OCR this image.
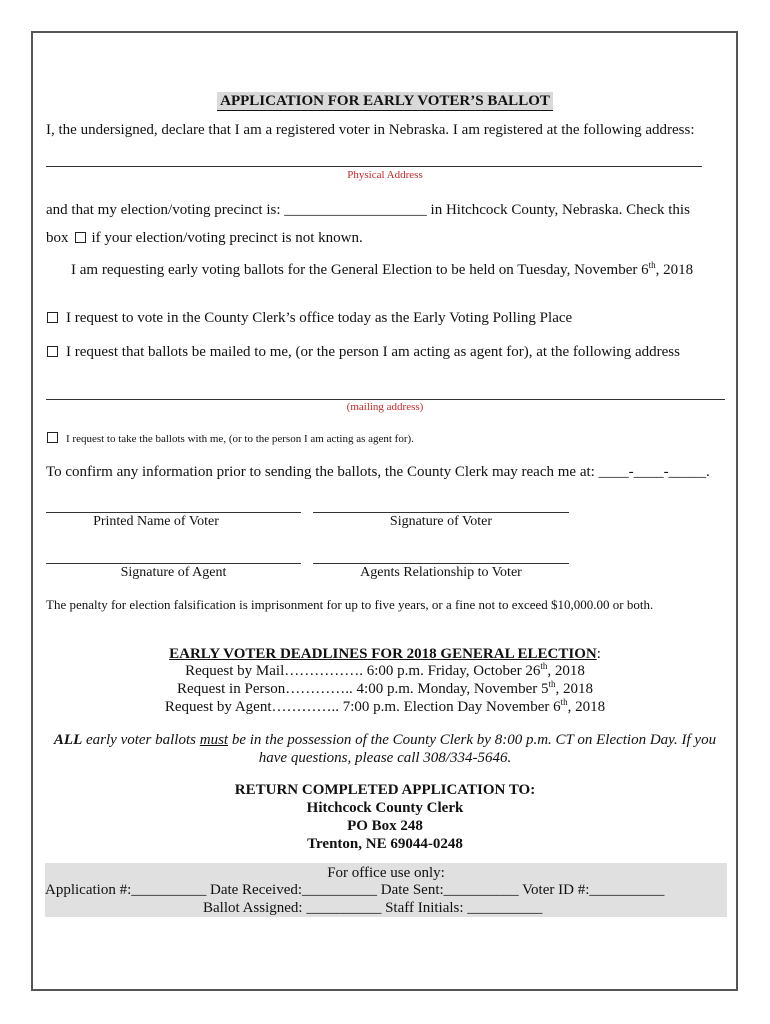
APPLICATION FOR EARLY VOTER’S BALLOT
I, the undersigned, declare that I am a registered voter in Nebraska. I am registered at the following address:
Physical Address
and that my election/voting precinct is: ___________________ in Hitchcock County, Nebraska. Check this
box if your election/voting precinct is not known.
I am requesting early voting ballots for the General Election to be held on Tuesday, November 6th, 2018
I request to vote in the County Clerk’s office today as the Early Voting Polling Place
I request that ballots be mailed to me, (or the person I am acting as agent for), at the following address
(mailing address)
I request to take the ballots with me, (or to the person I am acting as agent for).
To confirm any information prior to sending the ballots, the County Clerk may reach me at: ____-____-_____.
Printed Name of Voter	Signature of Voter
Signature of Agent	Agents Relationship to Voter
The penalty for election falsification is imprisonment for up to five years, or a fine not to exceed $10,000.00 or both.
EARLY VOTER DEADLINES FOR 2018 GENERAL ELECTION:
Request by Mail……………. 6:00 p.m. Friday, October 26th, 2018
Request in Person………….. 4:00 p.m. Monday, November 5th, 2018
Request by Agent………….. 7:00 p.m. Election Day November 6th, 2018
ALL early voter ballots must be in the possession of the County Clerk by 8:00 p.m. CT on Election Day. If you
have questions, please call 308/334-5646.
RETURN COMPLETED APPLICATION TO:
Hitchcock County Clerk
PO Box 248
Trenton, NE 69044-0248
For office use only:
Application #:__________ Date Received:__________ Date Sent:__________ Voter ID #:__________
Ballot Assigned: __________ Staff Initials: __________
